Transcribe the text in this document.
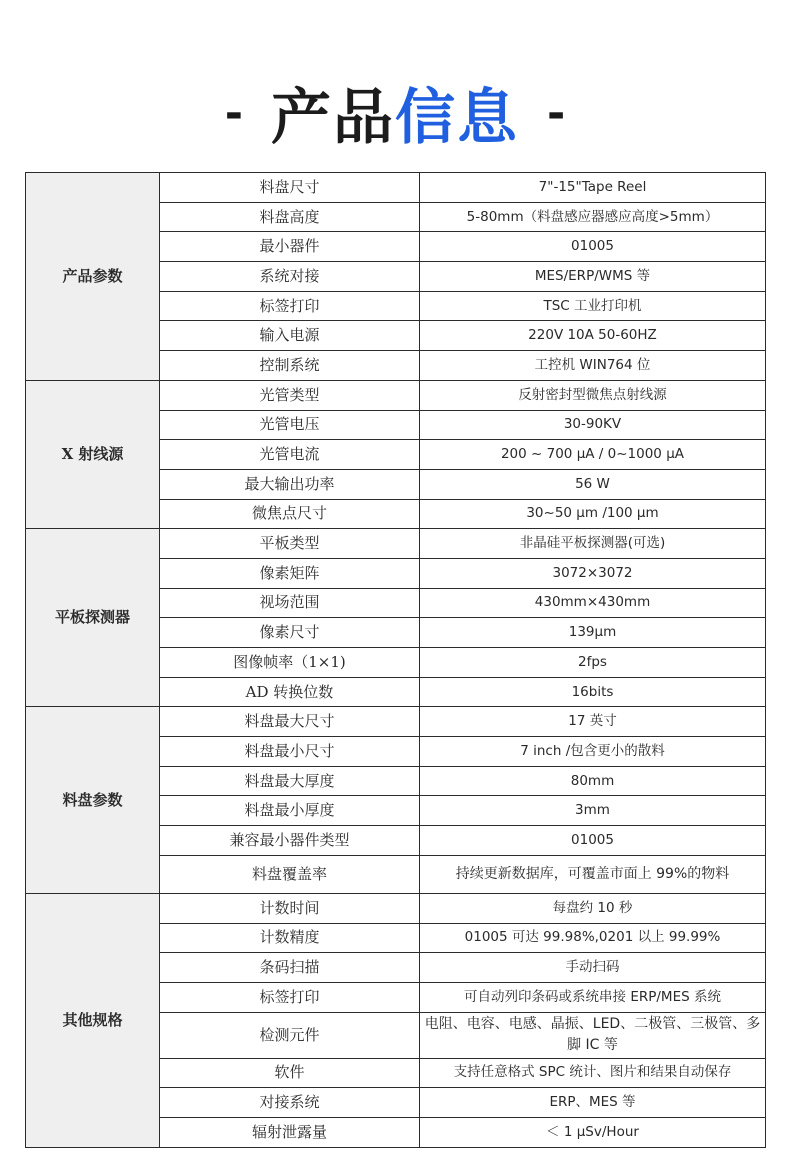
- 产品 信息 -
产品参数	料盘尺寸	7"-15"Tape Reel
	料盘高度	5-80mm（料盘感应器感应高度>5mm）
	最小器件	01005
	系统对接	MES/ERP/WMS 等
	标签打印	TSC 工业打印机
	输入电源	220V 10A 50-60HZ
	控制系统	工控机 WIN764 位
X 射线源	光管类型	反射密封型微焦点射线源
	光管电压	30-90KV
	光管电流	200 ~ 700 µA / 0~1000 µA
	最大输出功率	56 W
	微焦点尺寸	30~50 µm /100 µm
平板探测器	平板类型	非晶硅平板探测器(可选)
	像素矩阵	3072×3072
	视场范围	430mm×430mm
	像素尺寸	139µm
	图像帧率（1×1)	2fps
	AD 转换位数	16bits
料盘参数	料盘最大尺寸	17 英寸
	料盘最小尺寸	7 inch /包含更小的散料
	料盘最大厚度	80mm
	料盘最小厚度	3mm
	兼容最小器件类型	01005
	料盘覆盖率	持续更新数据库，可覆盖市面上 99%的物料
其他规格	计数时间	每盘约 10 秒
	计数精度	01005 可达 99.98%,0201 以上 99.99%
	条码扫描	手动扫码
	标签打印	可自动列印条码或系统串接 ERP/MES 系统
	检测元件	电阻、电容、电感、晶振、LED、二极管、三极管、多脚 IC 等
	软件	支持任意格式 SPC 统计、图片和结果自动保存
	对接系统	ERP、MES 等
	辐射泄露量	＜ 1 µSv/Hour
